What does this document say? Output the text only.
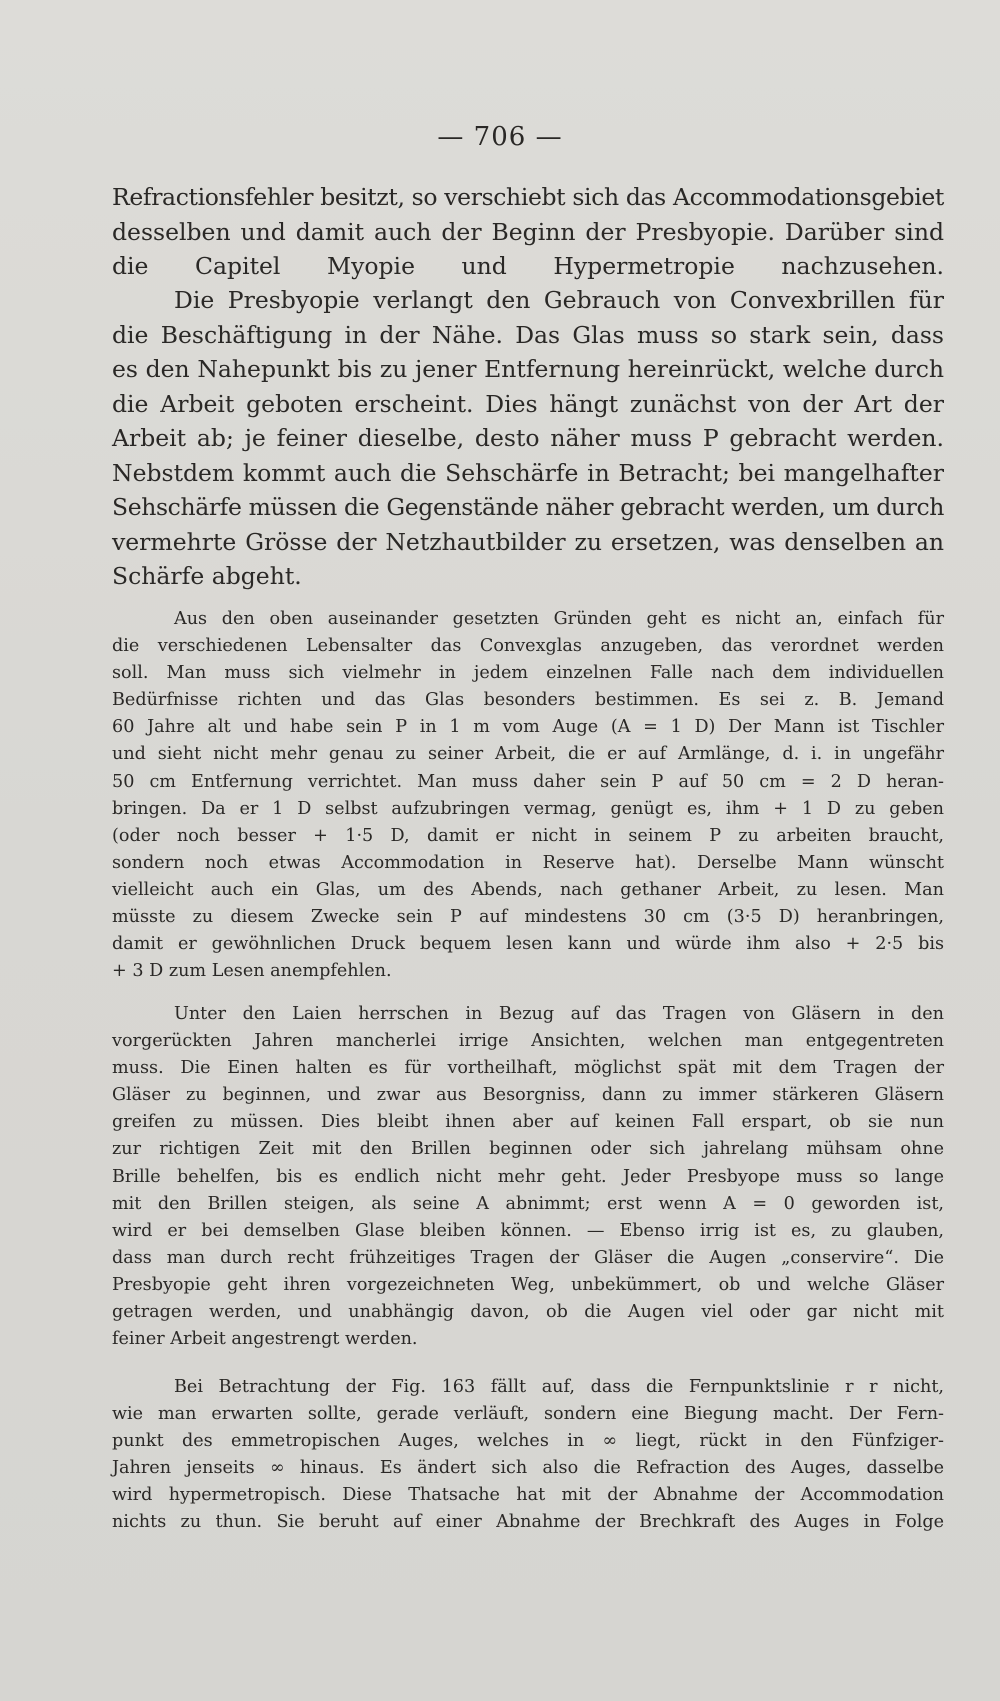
— 706 —
Refractionsfehler besitzt, so verschiebt sich das Accommodationsgebiet
desselben und damit auch der Beginn der Presbyopie. Darüber sind
die Capitel Myopie und Hypermetropie nachzusehen.
Die Presbyopie verlangt den Gebrauch von Convexbrillen für
die Beschäftigung in der Nähe. Das Glas muss so stark sein, dass
es den Nahepunkt bis zu jener Entfernung hereinrückt, welche durch
die Arbeit geboten erscheint. Dies hängt zunächst von der Art der
Arbeit ab; je feiner dieselbe, desto näher muss P gebracht werden.
Nebstdem kommt auch die Sehschärfe in Betracht; bei mangelhafter
Sehschärfe müssen die Gegenstände näher gebracht werden, um durch
vermehrte Grösse der Netzhautbilder zu ersetzen, was denselben an
Schärfe abgeht.
Aus den oben auseinander gesetzten Gründen geht es nicht an, einfach für
die verschiedenen Lebensalter das Convexglas anzugeben, das verordnet werden
soll. Man muss sich vielmehr in jedem einzelnen Falle nach dem individuellen
Bedürfnisse richten und das Glas besonders bestimmen. Es sei z. B. Jemand
60 Jahre alt und habe sein P in 1 m vom Auge (A = 1 D) Der Mann ist Tischler
und sieht nicht mehr genau zu seiner Arbeit, die er auf Armlänge, d. i. in ungefähr
50 cm Entfernung verrichtet. Man muss daher sein P auf 50 cm = 2 D heran-
bringen. Da er 1 D selbst aufzubringen vermag, genügt es, ihm + 1 D zu geben
(oder noch besser + 1·5 D, damit er nicht in seinem P zu arbeiten braucht,
sondern noch etwas Accommodation in Reserve hat). Derselbe Mann wünscht
vielleicht auch ein Glas, um des Abends, nach gethaner Arbeit, zu lesen. Man
müsste zu diesem Zwecke sein P auf mindestens 30 cm (3·5 D) heranbringen,
damit er gewöhnlichen Druck bequem lesen kann und würde ihm also + 2·5 bis
+ 3 D zum Lesen anempfehlen.
Unter den Laien herrschen in Bezug auf das Tragen von Gläsern in den
vorgerückten Jahren mancherlei irrige Ansichten, welchen man entgegentreten
muss. Die Einen halten es für vortheilhaft, möglichst spät mit dem Tragen der
Gläser zu beginnen, und zwar aus Besorgniss, dann zu immer stärkeren Gläsern
greifen zu müssen. Dies bleibt ihnen aber auf keinen Fall erspart, ob sie nun
zur richtigen Zeit mit den Brillen beginnen oder sich jahrelang mühsam ohne
Brille behelfen, bis es endlich nicht mehr geht. Jeder Presbyope muss so lange
mit den Brillen steigen, als seine A abnimmt; erst wenn A = 0 geworden ist,
wird er bei demselben Glase bleiben können. — Ebenso irrig ist es, zu glauben,
dass man durch recht frühzeitiges Tragen der Gläser die Augen „conservire“. Die
Presbyopie geht ihren vorgezeichneten Weg, unbekümmert, ob und welche Gläser
getragen werden, und unabhängig davon, ob die Augen viel oder gar nicht mit
feiner Arbeit angestrengt werden.
Bei Betrachtung der Fig. 163 fällt auf, dass die Fernpunktslinie r r nicht,
wie man erwarten sollte, gerade verläuft, sondern eine Biegung macht. Der Fern-
punkt des emmetropischen Auges, welches in ∞ liegt, rückt in den Fünfziger-
Jahren jenseits ∞ hinaus. Es ändert sich also die Refraction des Auges, dasselbe
wird hypermetropisch. Diese Thatsache hat mit der Abnahme der Accommodation
nichts zu thun. Sie beruht auf einer Abnahme der Brechkraft des Auges in Folge
